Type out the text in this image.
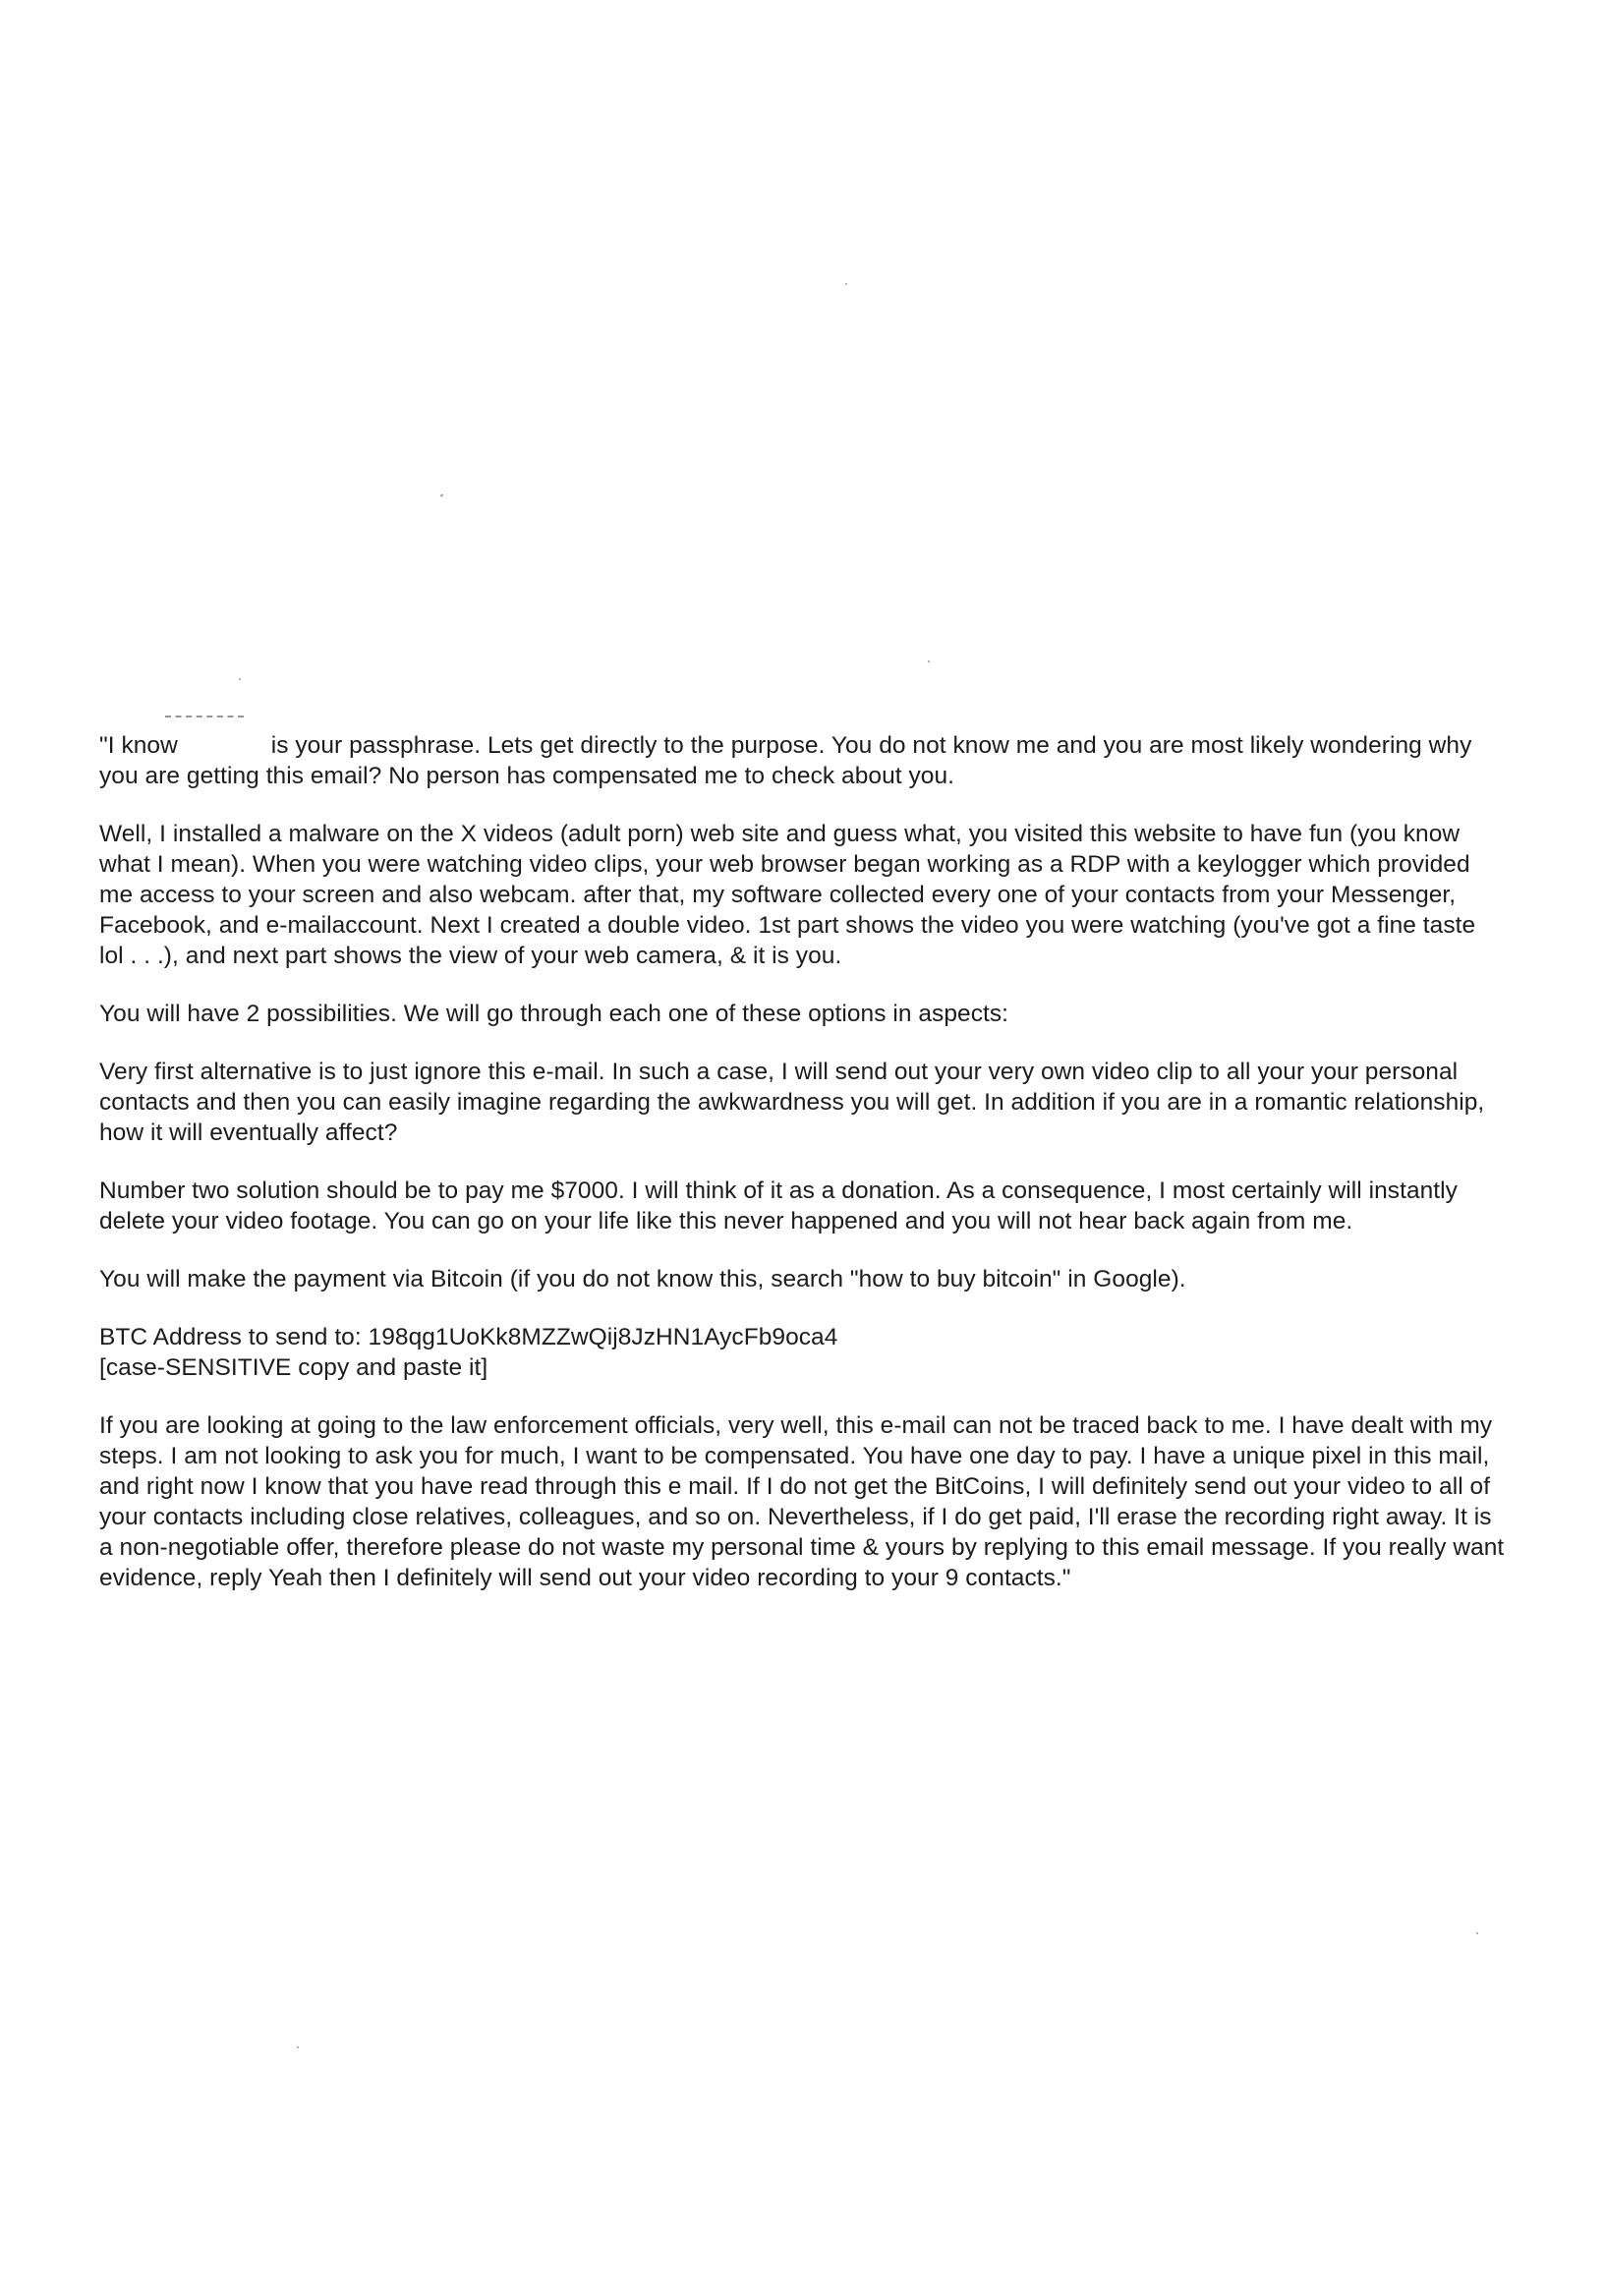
"I know	is your passphrase. Lets get directly to the purpose. You do not know me and you are most likely wondering why you are getting this email? No person has compensated me to check about you.

Well, I installed a malware on the X videos (adult porn) web site and guess what, you visited this website to have fun (you know what I mean). When you were watching video clips, your web browser began working as a RDP with a keylogger which provided me access to your screen and also webcam. after that, my software collected every one of your contacts from your Messenger, Facebook, and e-mailaccount. Next I created a double video. 1st part shows the video you were watching (you've got a fine taste lol . . .), and next part shows the view of your web camera, & it is you.

You will have 2 possibilities. We will go through each one of these options in aspects:

Very first alternative is to just ignore this e-mail. In such a case, I will send out your very own video clip to all your your personal contacts and then you can easily imagine regarding the awkwardness you will get. In addition if you are in a romantic relationship, how it will eventually affect?

Number two solution should be to pay me $7000. I will think of it as a donation. As a consequence, I most certainly will instantly delete your video footage. You can go on your life like this never happened and you will not hear back again from me.

You will make the payment via Bitcoin (if you do not know this, search "how to buy bitcoin" in Google).

BTC Address to send to: 198qg1UoKk8MZZwQij8JzHN1AycFb9oca4
[case-SENSITIVE copy and paste it]

If you are looking at going to the law enforcement officials, very well, this e-mail can not be traced back to me. I have dealt with my steps. I am not looking to ask you for much, I want to be compensated. You have one day to pay. I have a unique pixel in this mail, and right now I know that you have read through this e mail. If I do not get the BitCoins, I will definitely send out your video to all of your contacts including close relatives, colleagues, and so on. Nevertheless, if I do get paid, I'll erase the recording right away. It is a non-negotiable offer, therefore please do not waste my personal time & yours by replying to this email message. If you really want evidence, reply Yeah then I definitely will send out your video recording to your 9 contacts."
